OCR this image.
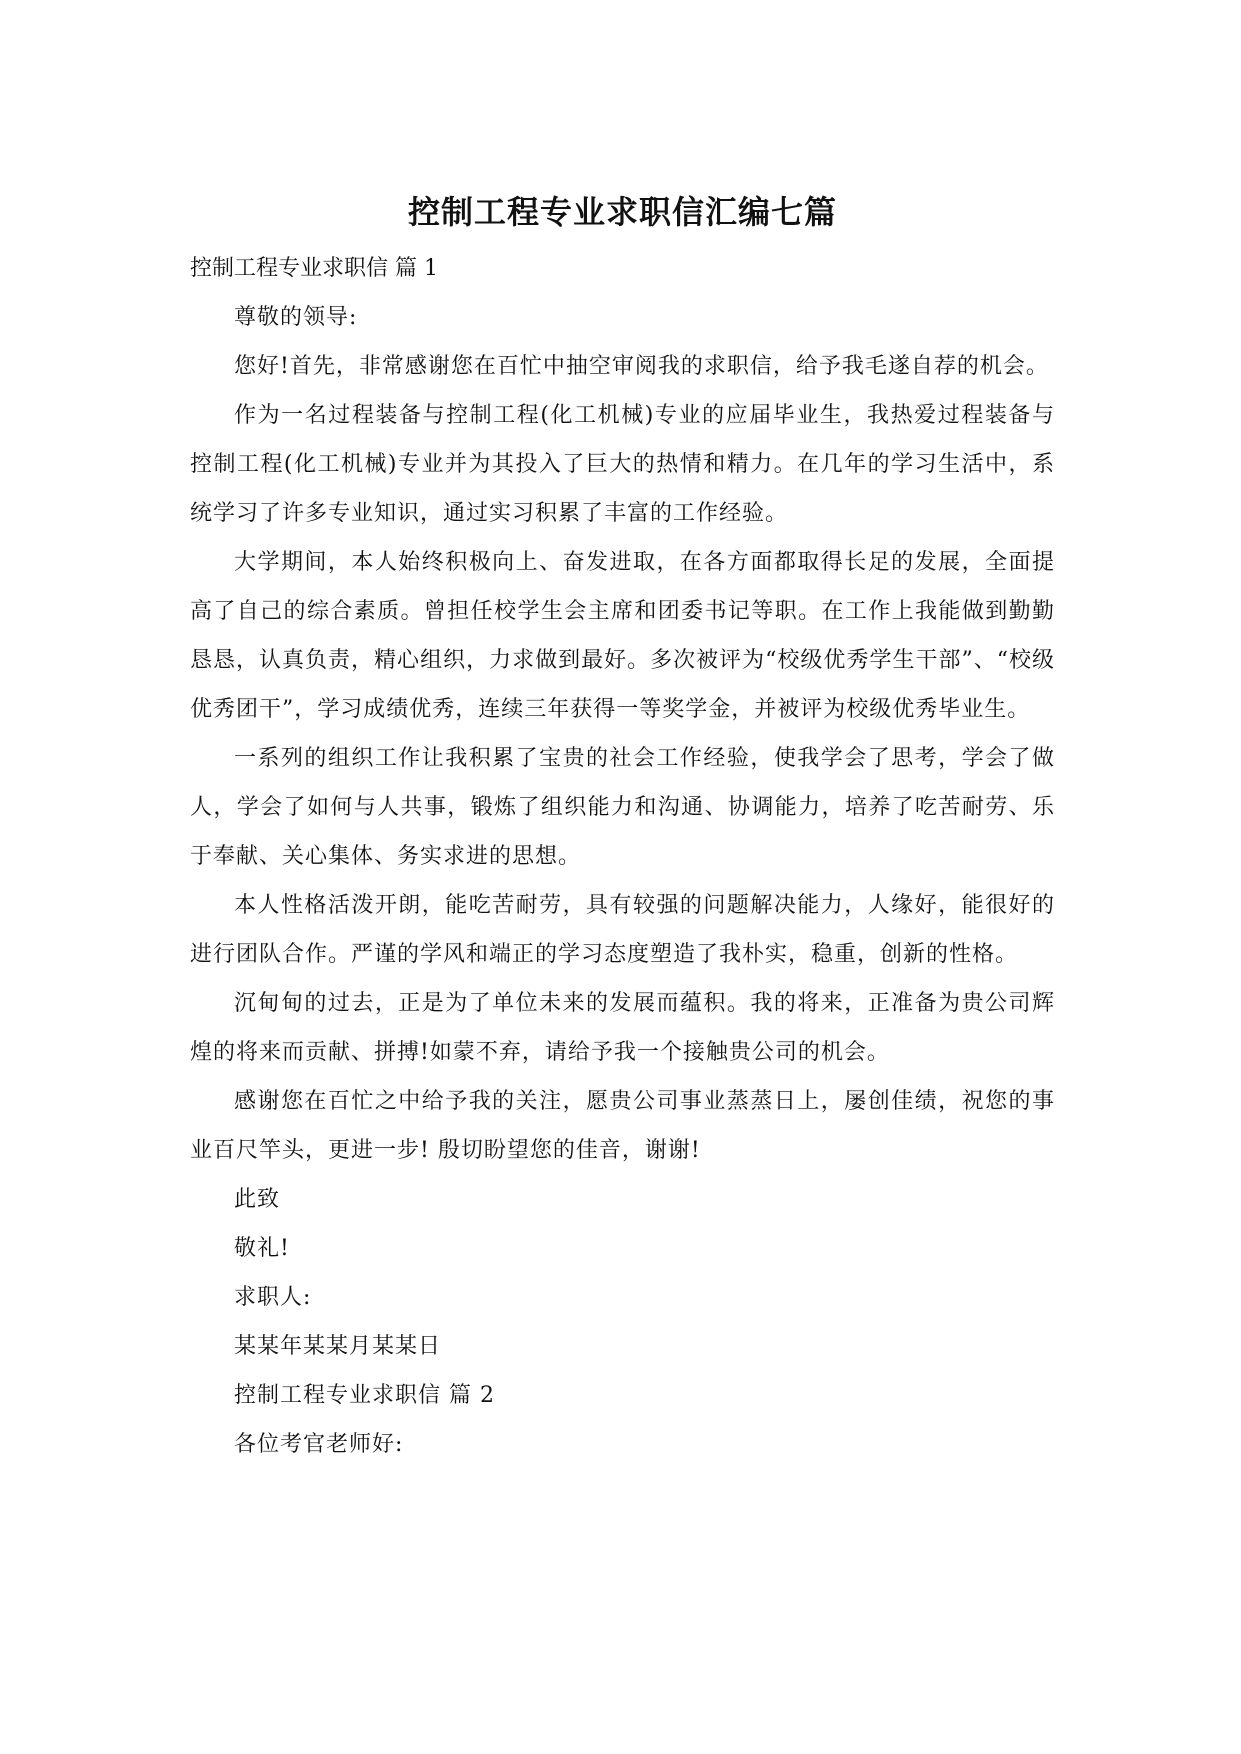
控制工程专业求职信汇编七篇

控制工程专业求职信 篇 1

尊敬的领导:

您好!首先，非常感谢您在百忙中抽空审阅我的求职信，给予我毛遂自荐的机会。

作为一名过程装备与控制工程(化工机械)专业的应届毕业生，我热爱过程装备与控制工程(化工机械)专业并为其投入了巨大的热情和精力。在几年的学习生活中，系统学习了许多专业知识，通过实习积累了丰富的工作经验。

大学期间，本人始终积极向上、奋发进取，在各方面都取得长足的发展，全面提高了自己的综合素质。曾担任校学生会主席和团委书记等职。在工作上我能做到勤勤恳恳，认真负责，精心组织，力求做到最好。多次被评为“校级优秀学生干部”、“校级优秀团干”，学习成绩优秀，连续三年获得一等奖学金，并被评为校级优秀毕业生。

一系列的组织工作让我积累了宝贵的社会工作经验，使我学会了思考，学会了做人，学会了如何与人共事，锻炼了组织能力和沟通、协调能力，培养了吃苦耐劳、乐于奉献、关心集体、务实求进的思想。

本人性格活泼开朗，能吃苦耐劳，具有较强的问题解决能力，人缘好，能很好的进行团队合作。严谨的学风和端正的学习态度塑造了我朴实，稳重，创新的性格。

沉甸甸的过去，正是为了单位未来的发展而蕴积。我的将来，正准备为贵公司辉煌的将来而贡献、拼搏!如蒙不弃，请给予我一个接触贵公司的机会。

感谢您在百忙之中给予我的关注，愿贵公司事业蒸蒸日上，屡创佳绩，祝您的事业百尺竿头，更进一步! 殷切盼望您的佳音，谢谢!

此致

敬礼!

求职人:

某某年某某月某某日

控制工程专业求职信 篇 2

各位考官老师好:
